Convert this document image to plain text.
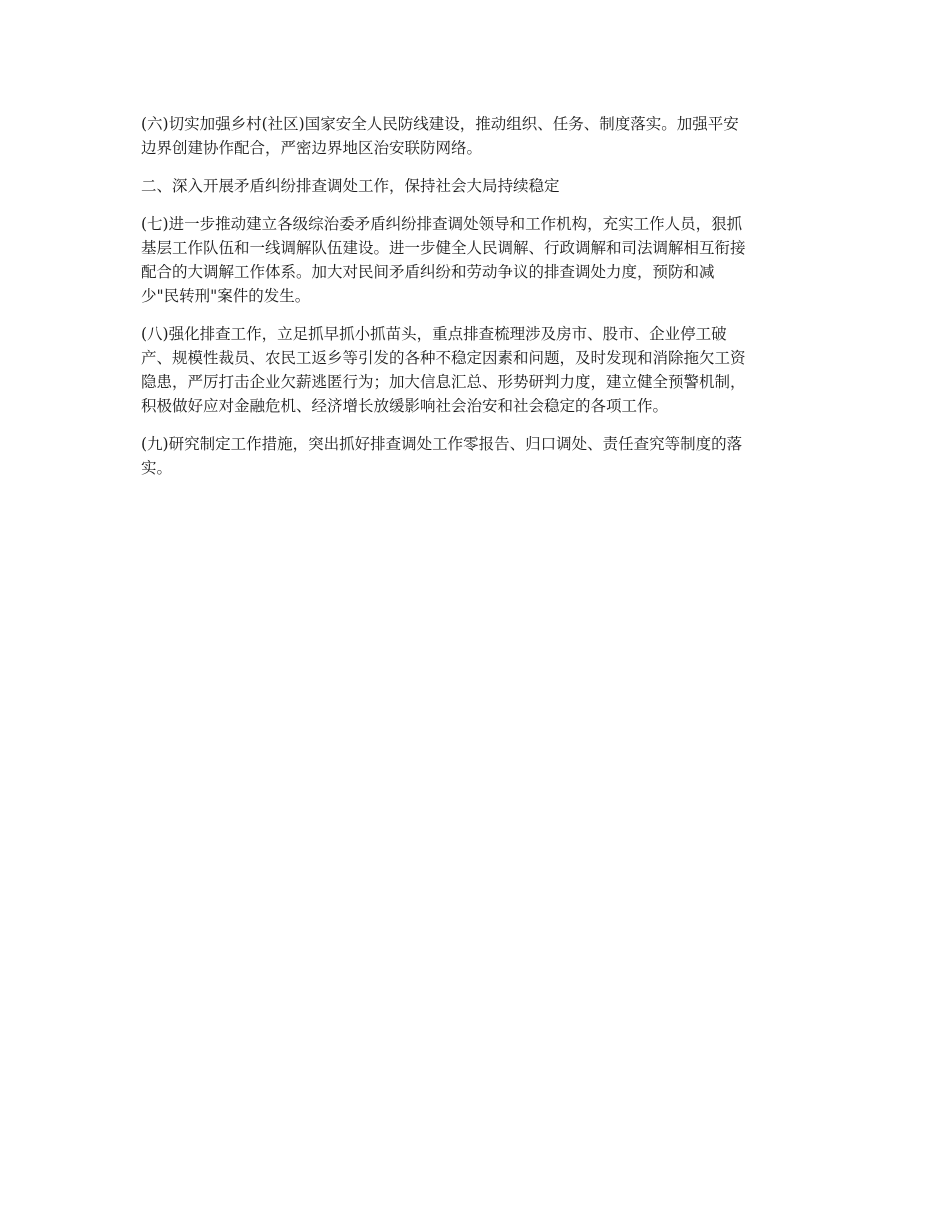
(六)切实加强乡村(社区)国家安全人民防线建设，推动组织、任务、制度落实。加强平安
边界创建协作配合，严密边界地区治安联防网络。

二、深入开展矛盾纠纷排查调处工作，保持社会大局持续稳定

(七)进一步推动建立各级综治委矛盾纠纷排查调处领导和工作机构，充实工作人员，狠抓
基层工作队伍和一线调解队伍建设。进一步健全人民调解、行政调解和司法调解相互衔接
配合的大调解工作体系。加大对民间矛盾纠纷和劳动争议的排查调处力度，预防和减
少"民转刑"案件的发生。

(八)强化排查工作，立足抓早抓小抓苗头，重点排查梳理涉及房市、股市、企业停工破
产、规模性裁员、农民工返乡等引发的各种不稳定因素和问题，及时发现和消除拖欠工资
隐患，严厉打击企业欠薪逃匿行为；加大信息汇总、形势研判力度，建立健全预警机制，
积极做好应对金融危机、经济增长放缓影响社会治安和社会稳定的各项工作。

(九)研究制定工作措施，突出抓好排查调处工作零报告、归口调处、责任查究等制度的落
实。
